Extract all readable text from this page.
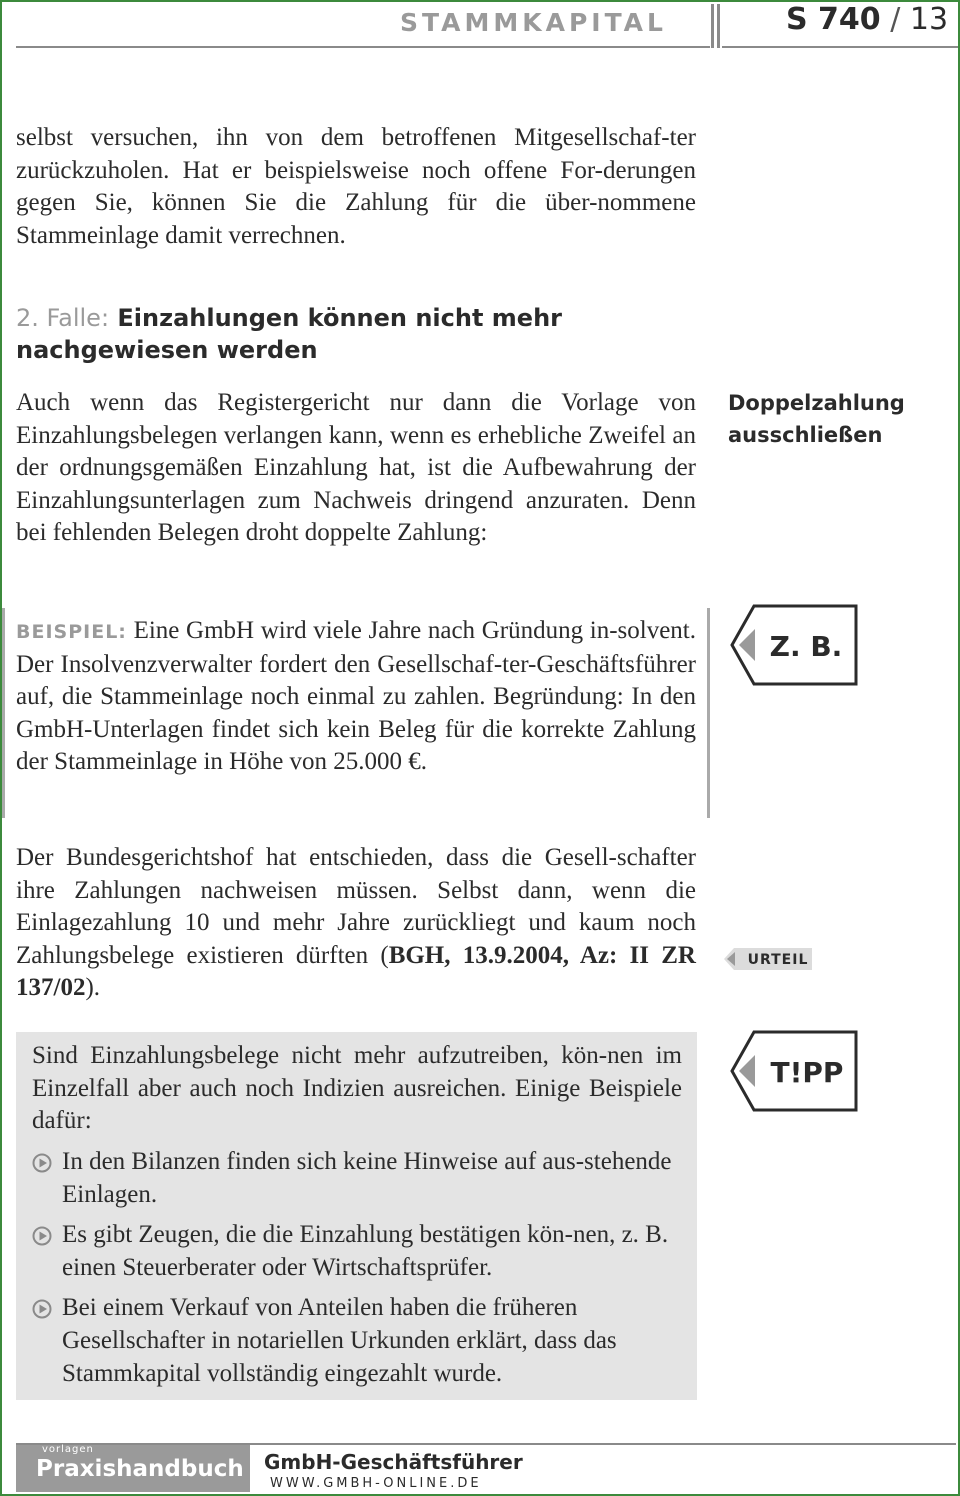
STAMMKAPITAL	S 740 / 13
selbst versuchen, ihn von dem betroffenen Mitgesellschaf-ter zurückzuholen. Hat er beispielsweise noch offene For-derungen gegen Sie, können Sie die Zahlung für die über-nommene Stammeinlage damit verrechnen.
2. Falle: Einzahlungen können nicht mehr nachgewiesen werden
Auch wenn das Registergericht nur dann die Vorlage von Einzahlungsbelegen verlangen kann, wenn es erhebliche Zweifel an der ordnungsgemäßen Einzahlung hat, ist die Aufbewahrung der Einzahlungsunterlagen zum Nachweis dringend anzuraten. Denn bei fehlenden Belegen droht doppelte Zahlung:
Doppelzahlung ausschließen
BEISPIEL: Eine GmbH wird viele Jahre nach Gründung in-solvent. Der Insolvenzverwalter fordert den Gesellschaf-ter-Geschäftsführer auf, die Stammeinlage noch einmal zu zahlen. Begründung: In den GmbH-Unterlagen findet sich kein Beleg für die korrekte Zahlung der Stammeinlage in Höhe von 25.000 €.
Z. B.
Der Bundesgerichtshof hat entschieden, dass die Gesell-schafter ihre Zahlungen nachweisen müssen. Selbst dann, wenn die Einlagezahlung 10 und mehr Jahre zurückliegt und kaum noch Zahlungsbelege existieren dürften (BGH, 13.9.2004, Az: II ZR 137/02).
URTEIL
Sind Einzahlungsbelege nicht mehr aufzutreiben, kön-nen im Einzelfall aber auch noch Indizien ausreichen. Einige Beispiele dafür:
In den Bilanzen finden sich keine Hinweise auf aus-stehende Einlagen.
Es gibt Zeugen, die die Einzahlung bestätigen kön-nen, z. B. einen Steuerberater oder Wirtschaftsprüfer.
Bei einem Verkauf von Anteilen haben die früheren Gesellschafter in notariellen Urkunden erklärt, dass das Stammkapital vollständig eingezahlt wurde.
T!PP
vorlagen
Praxishandbuch GmbH-Geschäftsführer
WWW.GMBH-ONLINE.DE
